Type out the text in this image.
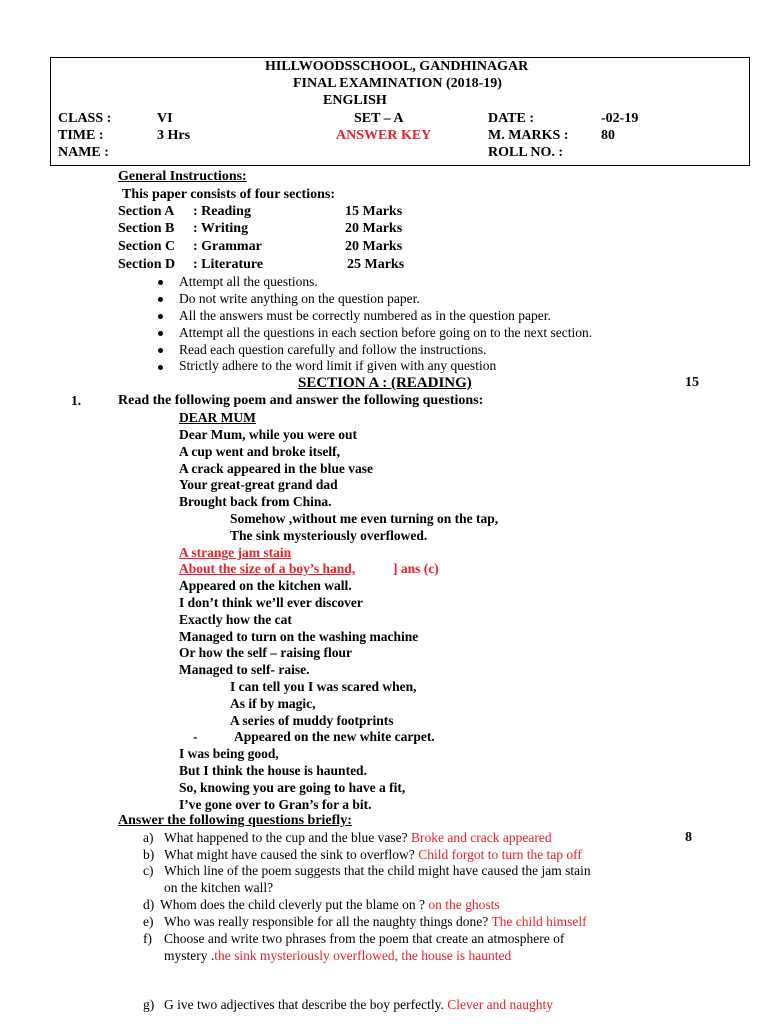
HILLWOODSSCHOOL, GANDHINAGAR
FINAL EXAMINATION (2018-19)
ENGLISH
CLASS :	VI	SET – A	DATE :	-02-19
TIME :	3 Hrs	ANSWER KEY	M. MARKS : 80
NAME :	ROLL NO. :
General Instructions:
This paper consists of four sections:
Section A : Reading	15 Marks
Section B : Writing	20 Marks
Section C : Grammar	20 Marks
Section D : Literature	25 Marks
Attempt all the questions.
Do not write anything on the question paper.
All the answers must be correctly numbered as in the question paper.
Attempt all the questions in each section before going on to the next section.
Read each question carefully and follow the instructions.
Strictly adhere to the word limit if given with any question
SECTION A : (READING)	15
1.	Read the following poem and answer the following questions:
DEAR MUM
Dear Mum, while you were out
A cup went and broke itself,
A crack appeared in the blue vase
Your great-great grand dad
Brought back from China.
Somehow ,without me even turning on the tap,
The sink mysteriously overflowed.
A strange jam stain
About the size of a boy’s hand,	] ans (c)
Appeared on the kitchen wall.
I don’t think we’ll ever discover
Exactly how the cat
Managed to turn on the washing machine
Or how the self – raising flour
Managed to self- raise.
I can tell you I was scared when,
As if by magic,
A series of muddy footprints
-	Appeared on the new white carpet.
I was being good,
But I think the house is haunted.
So, knowing you are going to have a fit,
I’ve gone over to Gran’s for a bit.
Answer the following questions briefly:
8
a) What happened to the cup and the blue vase? Broke and crack appeared
b) What might have caused the sink to overflow? Child forgot to turn the tap off
c) Which line of the poem suggests that the child might have caused the jam stain
on the kitchen wall?
d) Whom does the child cleverly put the blame on ? on the ghosts
e) Who was really responsible for all the naughty things done? The child himself
f) Choose and write two phrases from the poem that create an atmosphere of
mystery .the sink mysteriously overflowed, the house is haunted
g) G ive two adjectives that describe the boy perfectly. Clever and naughty
